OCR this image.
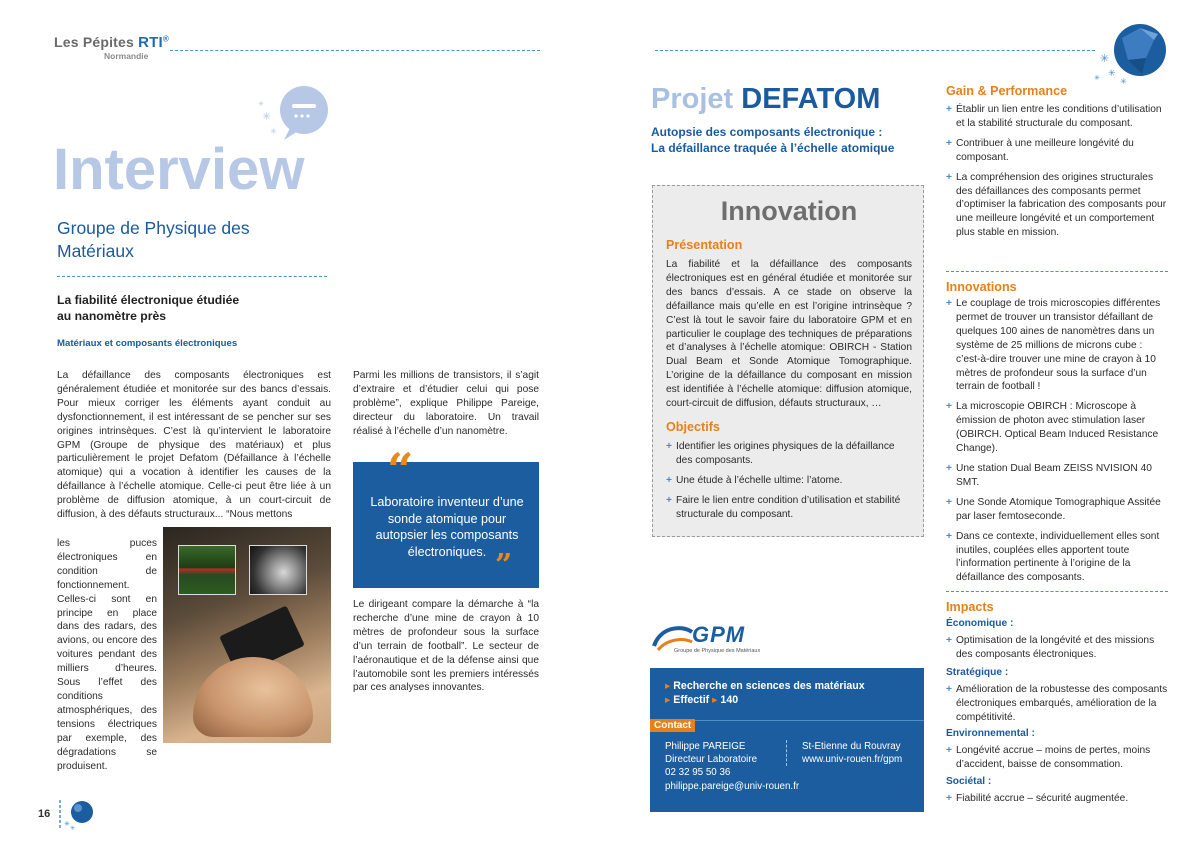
Les Pépites RTI®
Normandie
✳
✳
✳
Interview
Groupe de Physique des
Matériaux
La fiabilité électronique étudiée
au nanomètre près
Matériaux et composants électroniques
La défaillance des composants électroniques est généralement étudiée et monitorée sur des bancs d’essais. Pour mieux corriger les éléments ayant conduit au dysfonctionnement, il est intéressant de se pencher sur ses origines intrinsèques. C’est là qu’intervient le laboratoire GPM (Groupe de physique des matériaux) et plus particulièrement le projet Defatom (Défaillance à l’échelle atomique) qui a vocation à identifier les causes de la défaillance à l’échelle atomique. Celle-ci peut être liée à un problème de diffusion atomique, à un court-circuit de diffusion, à des défauts structuraux... “Nous mettons
les puces électroniques en condition de fonctionnement. Celles-ci sont en principe en place dans des radars, des avions, ou encore des voitures pendant des milliers d’heures. Sous l’effet des conditions atmosphériques, des tensions électriques par exemple, des dégradations se produisent.
Parmi les millions de transistors, il s’agit d’extraire et d’étudier celui qui pose problème”, explique Philippe Pareige, directeur du laboratoire. Un travail réalisé à l’échelle d’un nanomètre.
“
Laboratoire inventeur d’une sonde atomique pour autopsier les composants électroniques. ”
Le dirigeant compare la démarche à “la recherche d’une mine de crayon à 10 mètres de profondeur sous la surface d’un terrain de football”. Le secteur de l’aéronautique et de la défense ainsi que l’automobile sont les premiers intéressés par ces analyses innovantes.
16
✳
✳
✳
✳
✳	✳
Projet DEFATOM
Autopsie des composants électronique :
La défaillance traquée à l’échelle atomique
Innovation
Présentation
La fiabilité et la défaillance des composants électroniques est en général étudiée et monitorée sur des bancs d’essais. A ce stade on observe la défaillance mais qu’elle en est l’origine intrinsèque ? C’est là tout le savoir faire du laboratoire GPM et en particulier le couplage des techniques de préparations et d’analyses à l’échelle atomique: OBIRCH - Station Dual Beam et Sonde Atomique Tomographique. L’origine de la défaillance du composant en mission est identifiée à l’échelle atomique: diffusion atomique, court-circuit de diffusion, défauts structuraux, …
Objectifs
+ Identifier les origines physiques de la défaillance des composants.
+ Une étude à l’échelle ultime: l’atome.
+ Faire le lien entre condition d’utilisation et stabilité structurale du composant.
GPM
Groupe de Physique des Matériaux
▸ Recherche en sciences des matériaux
▸ Effectif ▸ 140
Contact
Philippe PAREIGE
Directeur Laboratoire
02 32 95 50 36
philippe.pareige@univ-rouen.fr
St-Etienne du Rouvray
www.univ-rouen.fr/gpm
Gain & Performance
+ Établir un lien entre les conditions d’utilisation et la stabilité structurale du composant.
+ Contribuer à une meilleure longévité du composant.
+ La compréhension des origines structurales des défaillances des composants permet d’optimiser la fabrication des composants pour une meilleure longévité et un comportement plus stable en mission.
Innovations
+ Le couplage de trois microscopies différentes permet de trouver un transistor défaillant de quelques 100 aines de nanomètres dans un système de 25 millions de microns cube : c’est-à-dire trouver une mine de crayon à 10 mètres de profondeur sous la surface d’un terrain de football !
+ La microscopie OBIRCH : Microscope à émission de photon avec stimulation laser (OBIRCH. Optical Beam Induced Resistance Change).
+ Une station Dual Beam ZEISS NVISION 40 SMT.
+ Une Sonde Atomique Tomographique Assitée par laser femtoseconde.
+ Dans ce contexte, individuellement elles sont inutiles, couplées elles apportent toute l’information pertinente à l’origine de la défaillance des composants.
Impacts
Économique :
+ Optimisation de la longévité et des missions des composants électroniques.
Stratégique :
+ Amélioration de la robustesse des composants électroniques embarqués, amélioration de la compétitivité.
Environnemental :
+ Longévité accrue – moins de pertes, moins d’accident, baisse de consommation.
Sociétal :
+ Fiabilité accrue – sécurité augmentée.
